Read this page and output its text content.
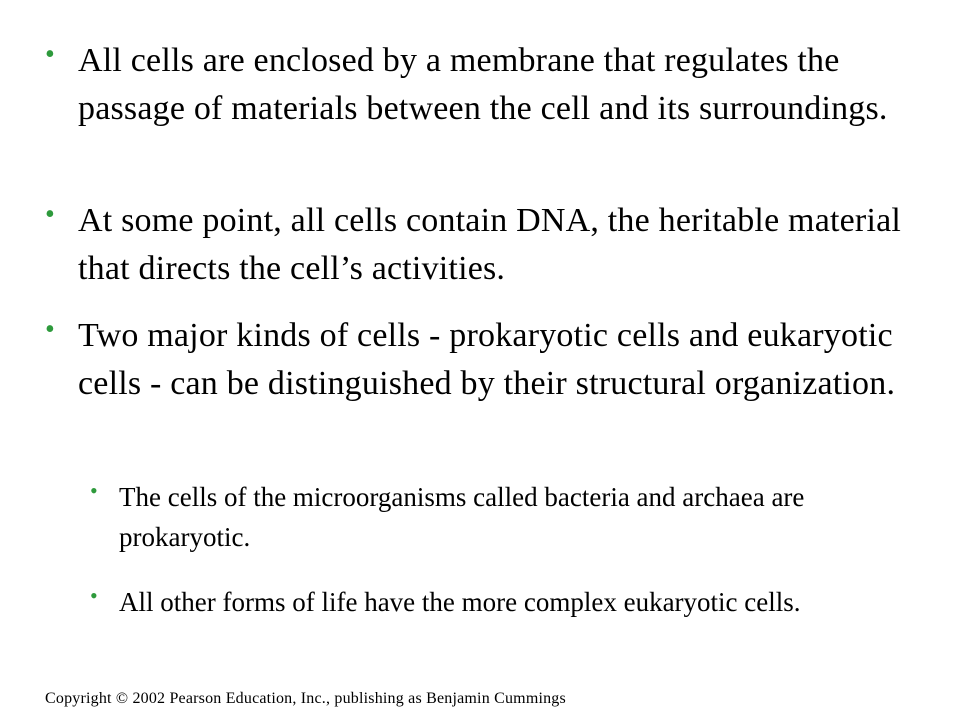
• All cells are enclosed by a membrane that regulates the passage of materials between the cell and its surroundings.
• At some point, all cells contain DNA, the heritable material that directs the cell’s activities.
• Two major kinds of cells - prokaryotic cells and eukaryotic cells - can be distinguished by their structural organization.
• The cells of the microorganisms called bacteria and archaea are prokaryotic.
• All other forms of life have the more complex eukaryotic cells.
Copyright © 2002 Pearson Education, Inc., publishing as Benjamin Cummings
